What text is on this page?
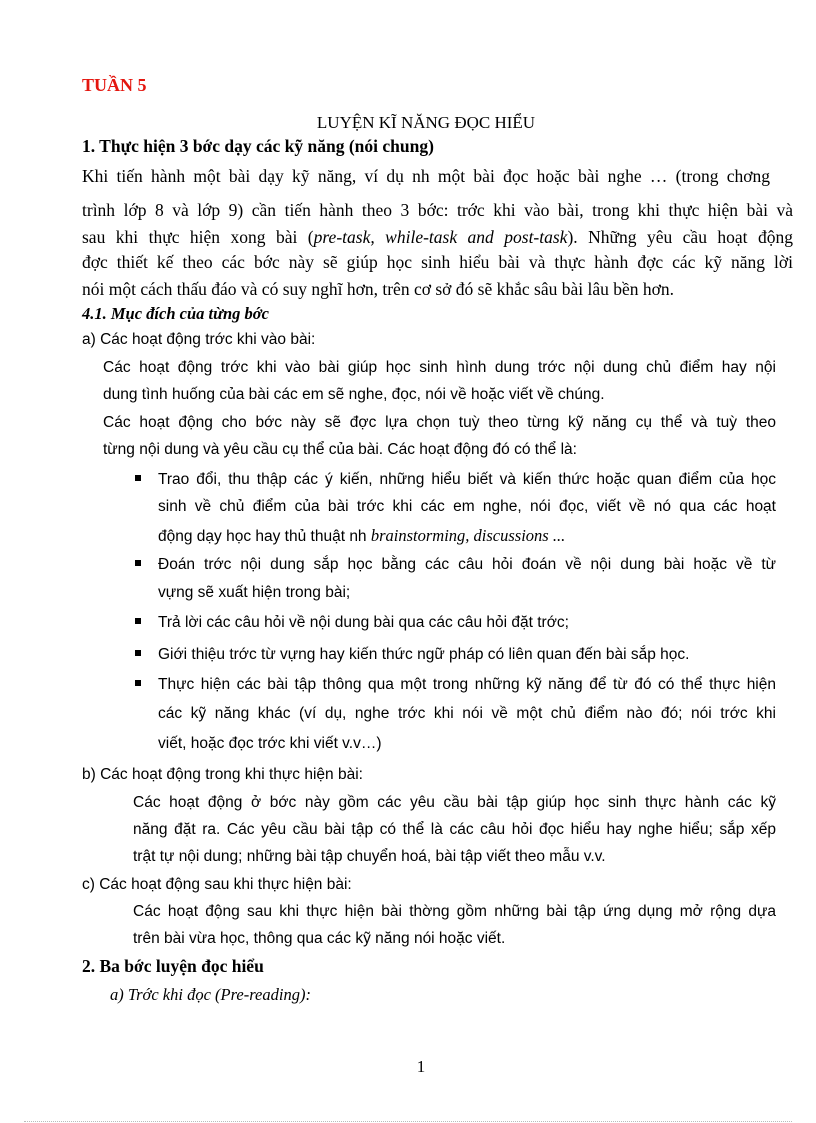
TUẦN 5
LUYỆN KĨ NĂNG ĐỌC HIỂU
1. Thực hiện 3 bớc dạy các kỹ năng (nói chung)
Khi tiến hành một bài dạy kỹ năng, ví dụ nh một bài đọc hoặc bài nghe … (trong chơng
trình lớp 8 và lớp 9) cần tiến hành theo 3 bớc: trớc khi vào bài, trong khi thực hiện bài và
sau khi thực hiện xong bài (pre-task, while-task and post-task). Những yêu cầu hoạt động
đợc thiết kế theo các bớc này sẽ giúp học sinh hiểu bài và thực hành đợc các kỹ năng lời
nói một cách thấu đáo và có suy nghĩ hơn, trên cơ sở đó sẽ khắc sâu bài lâu bền hơn.
4.1. Mục đích của từng bớc
a) Các hoạt động trớc khi vào bài:
Các hoạt động trớc khi vào bài giúp học sinh hình dung trớc nội dung chủ điểm hay nội
dung tình huống của bài các em sẽ nghe, đọc, nói về hoặc viết về chúng.
Các hoạt động cho bớc này sẽ đợc lựa chọn tuỳ theo từng kỹ năng cụ thể và tuỳ theo
từng nội dung và yêu cầu cụ thể của bài. Các hoạt động đó có thể là:
Trao đổi, thu thập các ý kiến, những hiểu biết và kiến thức hoặc quan điểm của học
sinh về chủ điểm của bài trớc khi các em nghe, nói đọc, viết về nó qua các hoạt
động dạy học hay thủ thuật nh brainstorming, discussions ...
Đoán trớc nội dung sắp học bằng các câu hỏi đoán về nội dung bài hoặc về từ
vựng sẽ xuất hiện trong bài;
Trả lời các câu hỏi về nội dung bài qua các câu hỏi đặt trớc;
Giới thiệu trớc từ vựng hay kiến thức ngữ pháp có liên quan đến bài sắp học.
Thực hiện các bài tập thông qua một trong những kỹ năng để từ đó có thể thực hiện
các kỹ năng khác (ví dụ, nghe trớc khi nói về một chủ điểm nào đó; nói trớc khi
viết, hoặc đọc trớc khi viết v.v…)
b) Các hoạt động trong khi thực hiện bài:
Các hoạt động ở bớc này gồm các yêu cầu bài tập giúp học sinh thực hành các kỹ
năng đặt ra. Các yêu cầu bài tập có thể là các câu hỏi đọc hiểu hay nghe hiểu; sắp xếp
trật tự nội dung; những bài tập chuyển hoá, bài tập viết theo mẫu v.v.
c) Các hoạt động sau khi thực hiện bài:
Các hoạt động sau khi thực hiện bài thờng gồm những bài tập ứng dụng mở rộng dựa
trên bài vừa học, thông qua các kỹ năng nói hoặc viết.
2. Ba bớc luyện đọc hiểu
a) Trớc khi đọc (Pre-reading):
1
